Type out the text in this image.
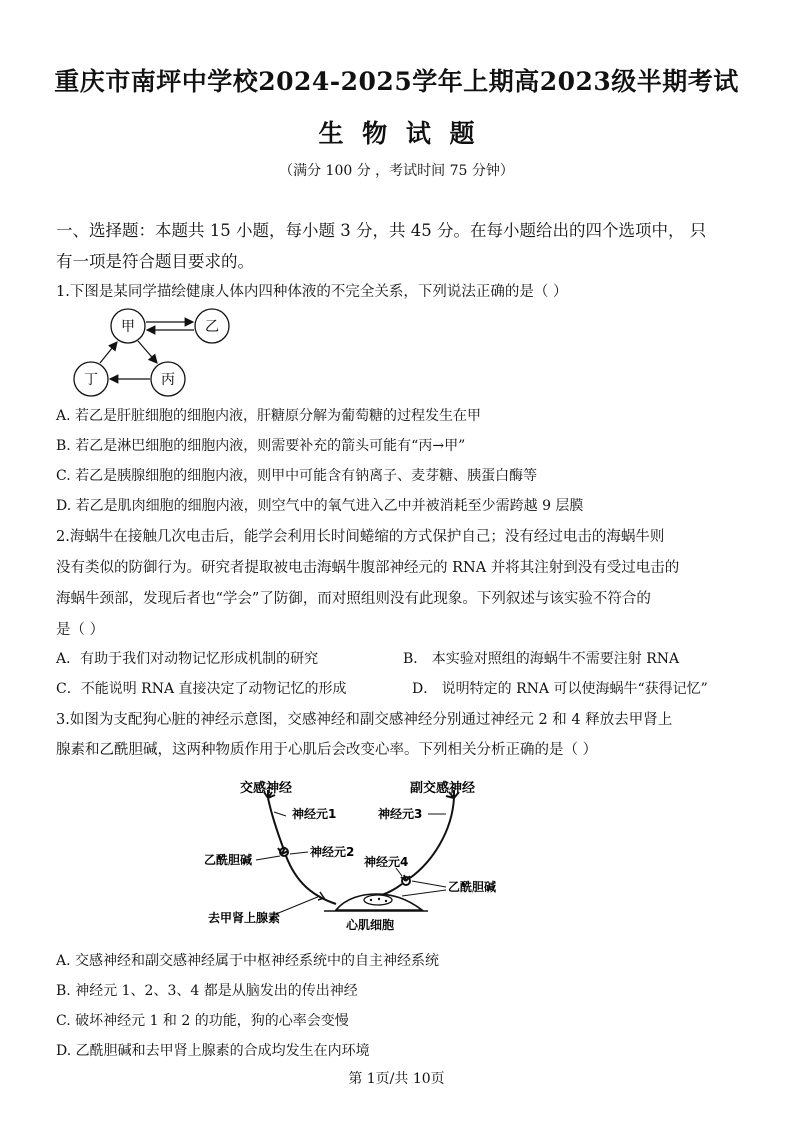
重庆市南坪中学校2024-2025学年上期高2023级半期考试
生 物 试 题
（满分 100 分 ，考试时间 75 分钟）
一、选择题：本题共 15 小题，每小题 3 分，共 45 分。在每小题给出的四个选项中， 只
有一项是符合题目要求的。
1.下图是某同学描绘健康人体内四种体液的不完全关系，下列说法正确的是（ ）
甲	乙
丁	丙
A. 若乙是肝脏细胞的细胞内液，肝糖原分解为葡萄糖的过程发生在甲
B. 若乙是淋巴细胞的细胞内液，则需要补充的箭头可能有“丙→甲”
C. 若乙是胰腺细胞的细胞内液，则甲中可能含有钠离子、麦芽糖、胰蛋白酶等
D. 若乙是肌肉细胞的细胞内液，则空气中的氧气进入乙中并被消耗至少需跨越 9 层膜
2.海蜗牛在接触几次电击后，能学会利用长时间蜷缩的方式保护自己；没有经过电击的海蜗牛则
没有类似的防御行为。研究者提取被电击海蜗牛腹部神经元的 RNA 并将其注射到没有受过电击的
海蜗牛颈部，发现后者也“学会”了防御，而对照组则没有此现象。下列叙述与该实验不符合的
是（ ）
A．有助于我们对动物记忆形成机制的研究	B． 本实验对照组的海蜗牛不需要注射 RNA
C．不能说明 RNA 直接决定了动物记忆的形成	D． 说明特定的 RNA 可以使海蜗牛“获得记忆”
3.如图为支配狗心脏的神经示意图，交感神经和副交感神经分别通过神经元 2 和 4 释放去甲肾上
腺素和乙酰胆碱，这两种物质作用于心肌后会改变心率。下列相关分析正确的是（ ）
交感神经	副交感神经
神经元1	神经元3
神经元2
乙酰胆碱	神经元4
乙酰胆碱
去甲肾上腺素	心肌细胞
A. 交感神经和副交感神经属于中枢神经系统中的自主神经系统
B. 神经元 1、2、3、4 都是从脑发出的传出神经
C. 破坏神经元 1 和 2 的功能，狗的心率会变慢
D. 乙酰胆碱和去甲肾上腺素的合成均发生在内环境
第 1页/共 10页
